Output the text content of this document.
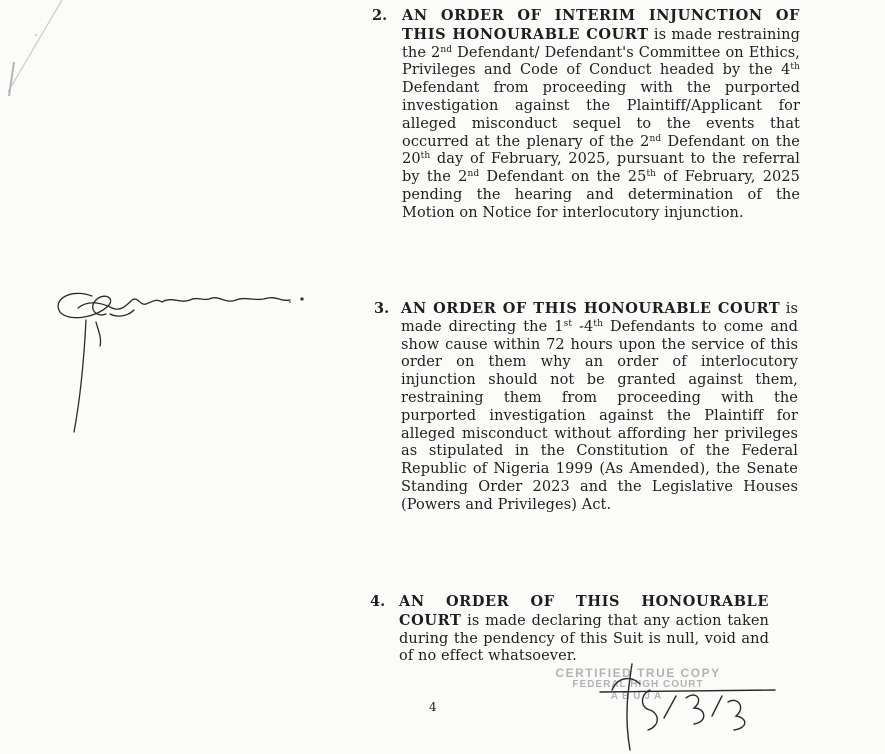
2. AN ORDER OF INTERIM INJUNCTION OF THIS HONOURABLE COURT is made restraining the 2nd Defendant/ Defendant's Committee on Ethics, Privileges and Code of Conduct headed by the 4th Defendant from proceeding with the purported investigation against the Plaintiff/Applicant for alleged misconduct sequel to the events that occurred at the plenary of the 2nd Defendant on the 20th day of February, 2025, pursuant to the referral by the 2nd Defendant on the 25th of February, 2025 pending the hearing and determination of the Motion on Notice for interlocutory injunction.
3. AN ORDER OF THIS HONOURABLE COURT is made directing the 1st -4th Defendants to come and show cause within 72 hours upon the service of this order on them why an order of interlocutory injunction should not be granted against them, restraining them from proceeding with the purported investigation against the Plaintiff for alleged misconduct without affording her privileges as stipulated in the Constitution of the Federal Republic of Nigeria 1999 (As Amended), the Senate Standing Order 2023 and the Legislative Houses (Powers and Privileges) Act.
4. AN ORDER OF THIS HONOURABLE COURT is made declaring that any action taken during the pendency of this Suit is null, void and of no effect whatsoever.
CERTIFIED TRUE COPY
FEDERAL HIGH COURT
ABUJA
4
